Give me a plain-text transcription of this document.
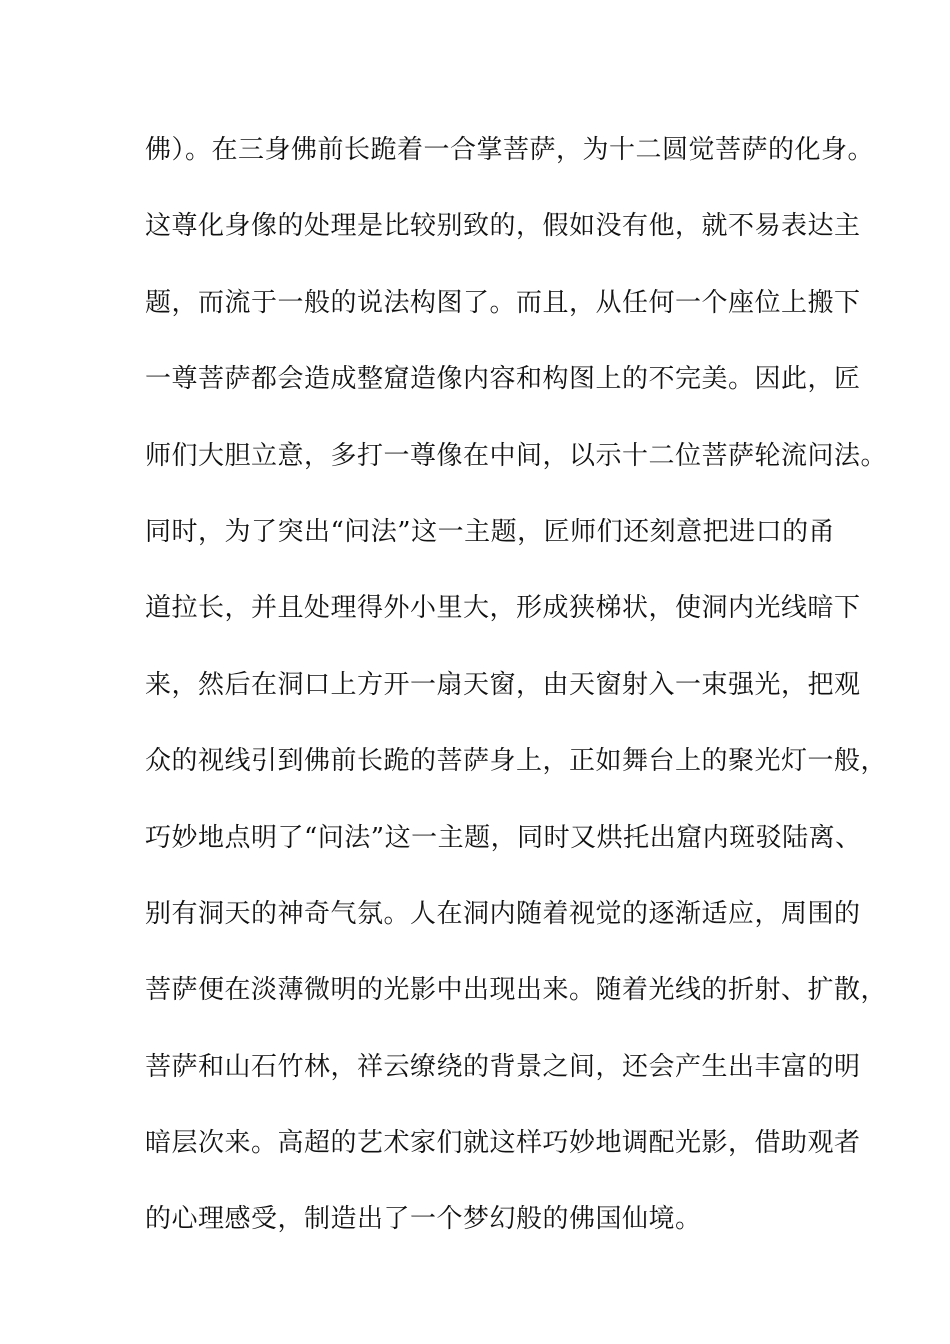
佛）。在三身佛前长跪着一合掌菩萨，为十二圆觉菩萨的化身。
这尊化身像的处理是比较别致的，假如没有他，就不易表达主
题，而流于一般的说法构图了。而且，从任何一个座位上搬下
一尊菩萨都会造成整窟造像内容和构图上的不完美。因此，匠
师们大胆立意，多打一尊像在中间，以示十二位菩萨轮流问法。
同时，为了突出“问法”这一主题，匠师们还刻意把进口的甬
道拉长，并且处理得外小里大，形成狭梯状，使洞内光线暗下
来，然后在洞口上方开一扇天窗，由天窗射入一束强光，把观
众的视线引到佛前长跪的菩萨身上，正如舞台上的聚光灯一般，
巧妙地点明了“问法”这一主题，同时又烘托出窟内斑驳陆离、
别有洞天的神奇气氛。人在洞内随着视觉的逐渐适应，周围的
菩萨便在淡薄微明的光影中出现出来。随着光线的折射、扩散，
菩萨和山石竹林，祥云缭绕的背景之间，还会产生出丰富的明
暗层次来。高超的艺术家们就这样巧妙地调配光影，借助观者
的心理感受，制造出了一个梦幻般的佛国仙境。
